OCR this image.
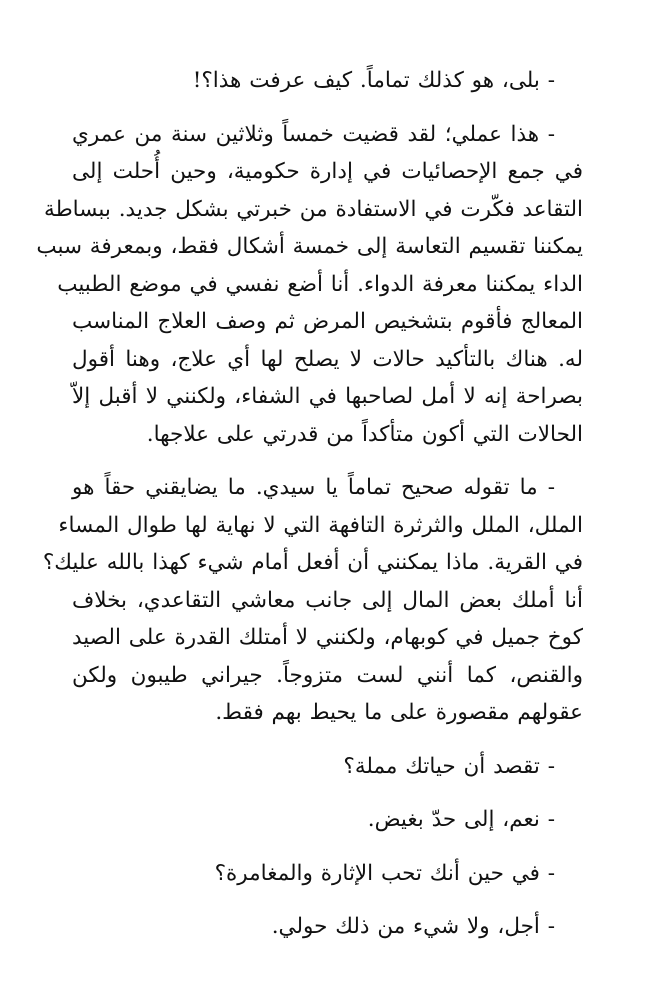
- بلى، هو كذلك تماماً. كيف عرفت هذا؟!

- هذا عملي؛ لقد قضيت خمساً وثلاثين سنة من عمري
في جمع الإحصائيات في إدارة حكومية، وحين أُحلت إلى
التقاعد فكّرت في الاستفادة من خبرتي بشكل جديد. ببساطة
يمكننا تقسيم التعاسة إلى خمسة أشكال فقط، وبمعرفة سبب
الداء يمكننا معرفة الدواء. أنا أضع نفسي في موضع الطبيب
المعالج فأقوم بتشخيص المرض ثم وصف العلاج المناسب
له. هناك بالتأكيد حالات لا يصلح لها أي علاج، وهنا أقول
بصراحة إنه لا أمل لصاحبها في الشفاء، ولكنني لا أقبل إلاّ
الحالات التي أكون متأكداً من قدرتي على علاجها.

- ما تقوله صحيح تماماً يا سيدي. ما يضايقني حقاً هو
الملل، الملل والثرثرة التافهة التي لا نهاية لها طوال المساء
في القرية. ماذا يمكنني أن أفعل أمام شيء كهذا بالله عليك؟
أنا أملك بعض المال إلى جانب معاشي التقاعدي، بخلاف
كوخ جميل في كوبهام، ولكنني لا أمتلك القدرة على الصيد
والقنص، كما أنني لست متزوجاً. جيراني طيبون ولكن
عقولهم مقصورة على ما يحيط بهم فقط.

- تقصد أن حياتك مملة؟

- نعم، إلى حدّ بغيض.

- في حين أنك تحب الإثارة والمغامرة؟

- أجل، ولا شيء من ذلك حولي.
